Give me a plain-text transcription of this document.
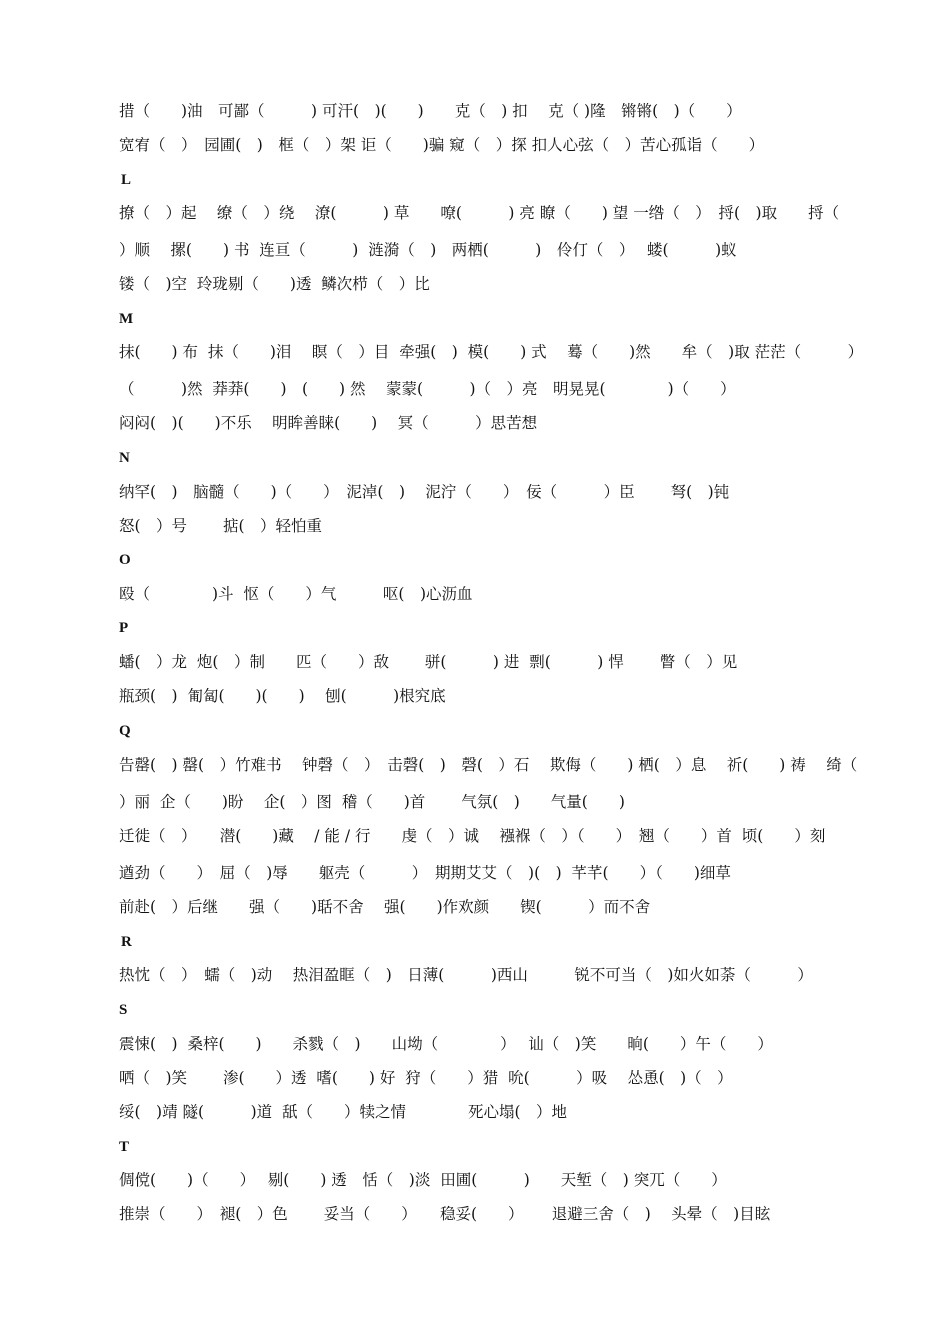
措（　　)油　可鄙（　　　) 可汗(　)(　　)　　克（　) 扣　 克（ )隆　锵锵(　)（　　）
宽宥（　）　园圃(　)　框（　）架 讵（　　)骗 窥（　）探 扣人心弦（　）苦心孤诣（　　）
L
撩（　）起　 缭（　）绕　 潦(　　　) 草　　嘹(　　　) 亮 瞭（　　) 望 一绺（　）　捋(　)取　　捋（
）顺　 摞(　　) 书  连亘（　　　)  涟漪（　)　两栖(　　　)　伶仃（　）　 蝼(　　　)蚁
镂（　)空  玲珑剔（　　)透  鳞次栉（　）比
M
抹(　　) 布  抹（　　)泪　 瞑（　）目  牵强(　)  模(　　) 式　 蓦（　　)然　　牟（　)取 茫茫（　　　）
（　　　)然  莽莽(　　)　(　　) 然　 蒙蒙(　　　)（　）亮　明晃晃(　　　　)（　　）
闷闷(　)(　　)不乐　 明眸善睐(　　)　 冥（　　　）思苦想
N
纳罕(　)　脑髓（　　)（　　）　泥淖(　)　 泥泞（　　）　佞（　　　）臣　　 弩(　)钝
怒(　）号　　 掂(　）轻怕重
O
殴（　　　　)斗  怄（　　）气　　　呕(　)心沥血
P
蟠(　）龙  炮(　）制　　匹（　　）敌　　 骈(　　　) 进  剽(　　　) 悍　　 瞥（　）见
瓶颈(　)  匍匐(　　)(　　)　 刨(　　　)根究底
Q
告罄(　) 罄(　）竹难书　 钟磬（　）　击磬(　)　磬(　）石　 欺侮（　　) 栖(　）息　 祈(　　) 祷　 绮（
）丽  企（　　)盼　 企(　）图  稽（　　)首　　 气氛(　)　　气量(　　)
迁徙（　）　　潜(　　)藏　 / 能 / 行　　虔（　）诚　 襁褓（　）（　　）　翘（　　）首  顷(　　）刻
遒劲（　　）　屈（　)辱　　躯壳（　　　）　期期艾艾（　)(　)  芊芊(　　）（　　)细草
前赴(　）后继　　强（　　)聒不舍　 强(　　)作欢颜　　锲(　　　）而不舍
R
热忱（　）　蠕（　)动　 热泪盈眶（　)　日薄(　　　)西山　　　锐不可当（　)如火如荼（　　　）
S
震悚(　)  桑梓(　　)　　杀戮（　)　　山坳（　　　　）　 讪（　)笑　　晌(　　）午（　　）
哂（　)笑　　 渗(　　）透  嗜(　　) 好  狩（　　）猎  吮(　　　）吸　 怂恿(　)（　）
绥(　)靖 隧(　　　)道  舐（　　）犊之情　　　　死心塌(　）地
T
倜傥(　　)（　　）　 剔(　　) 透　恬（　)淡  田圃(　　　)　　天堑（　) 突兀（　　）
推崇（　　）　褪(　）色　　 妥当（　　）　　稳妥(　　）　　 退避三舍（　)　 头晕（　)目眩
